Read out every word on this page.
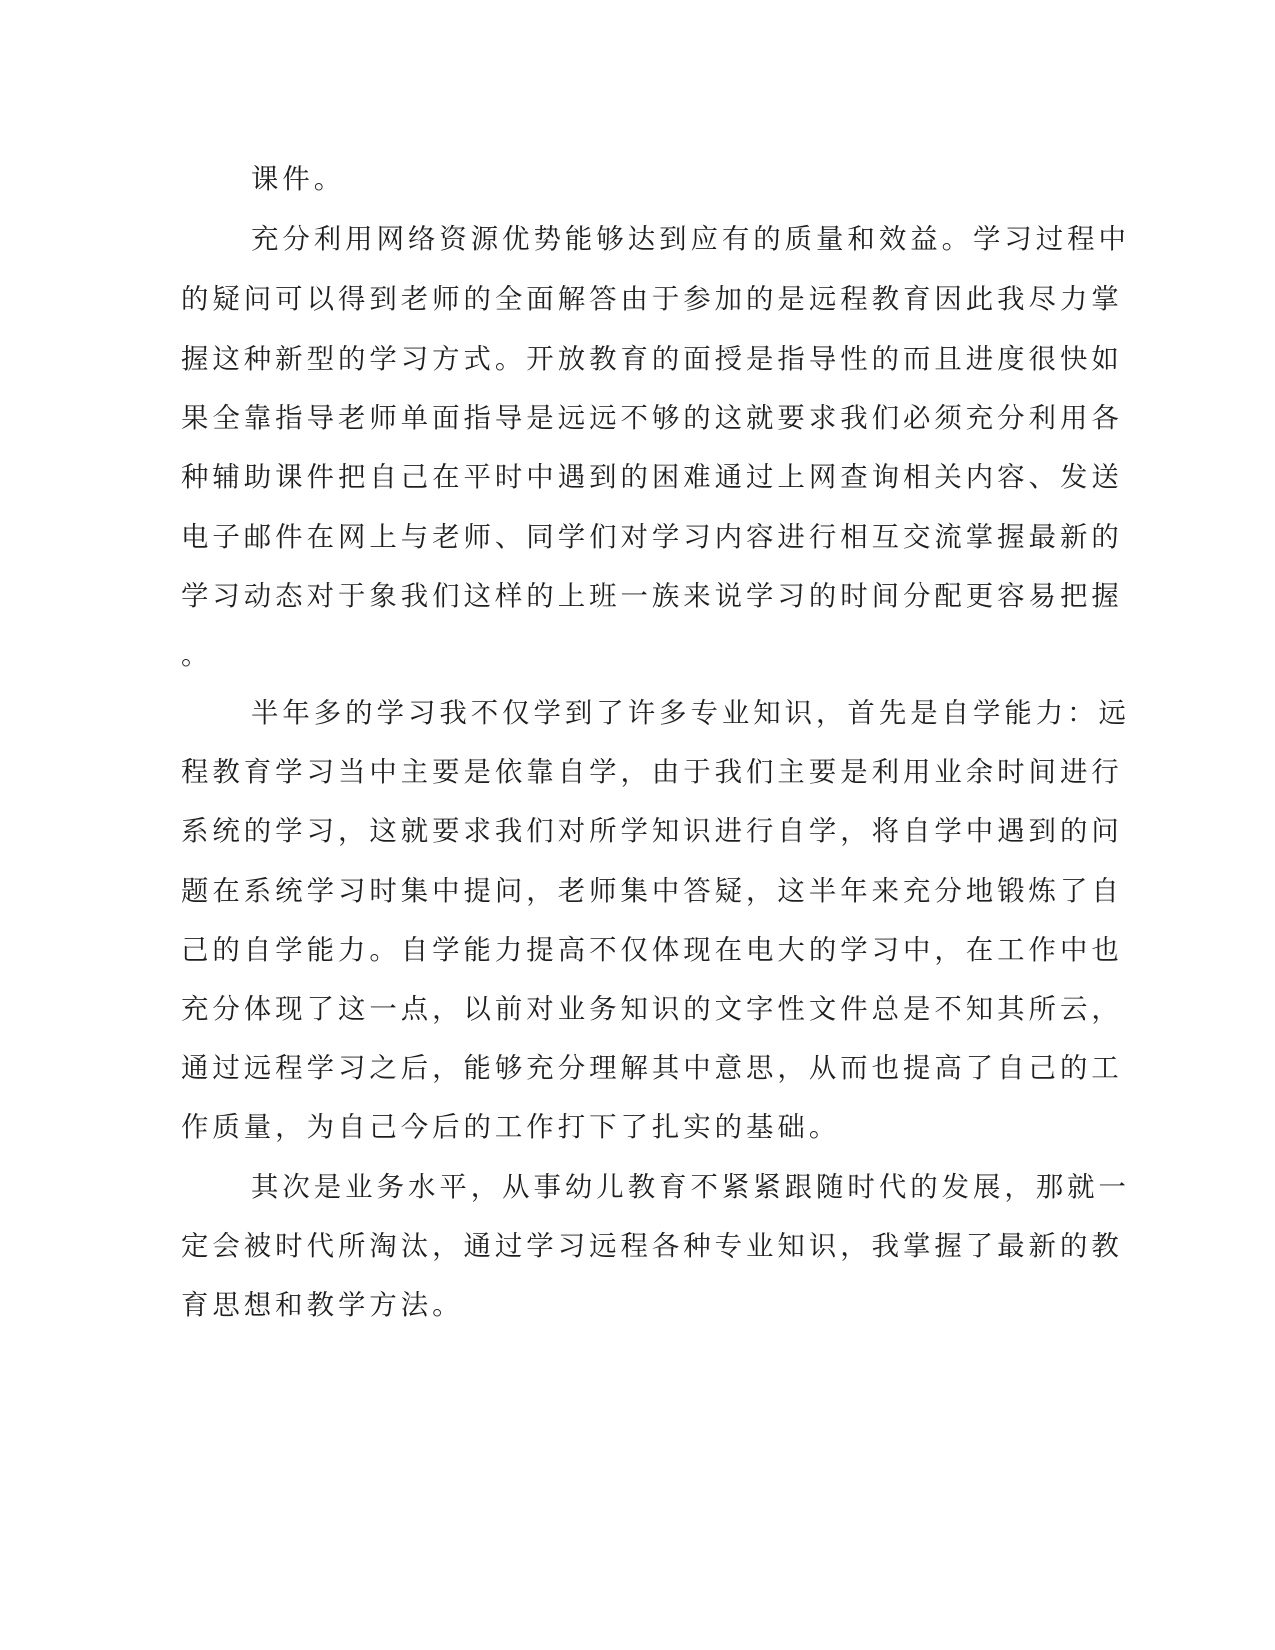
课件。

充分利用网络资源优势能够达到应有的质量和效益。学习过程中

的疑问可以得到老师的全面解答由于参加的是远程教育因此我尽力掌

握这种新型的学习方式。开放教育的面授是指导性的而且进度很快如

果全靠指导老师单面指导是远远不够的这就要求我们必须充分利用各

种辅助课件把自己在平时中遇到的困难通过上网查询相关内容、发送

电子邮件在网上与老师、同学们对学习内容进行相互交流掌握最新的

学习动态对于象我们这样的上班一族来说学习的时间分配更容易把握

。

半年多的学习我不仅学到了许多专业知识，首先是自学能力：远

程教育学习当中主要是依靠自学，由于我们主要是利用业余时间进行

系统的学习，这就要求我们对所学知识进行自学，将自学中遇到的问

题在系统学习时集中提问，老师集中答疑，这半年来充分地锻炼了自

己的自学能力。自学能力提高不仅体现在电大的学习中，在工作中也

充分体现了这一点，以前对业务知识的文字性文件总是不知其所云，

通过远程学习之后，能够充分理解其中意思，从而也提高了自己的工

作质量，为自己今后的工作打下了扎实的基础。

其次是业务水平，从事幼儿教育不紧紧跟随时代的发展，那就一

定会被时代所淘汰，通过学习远程各种专业知识，我掌握了最新的教

育思想和教学方法。
